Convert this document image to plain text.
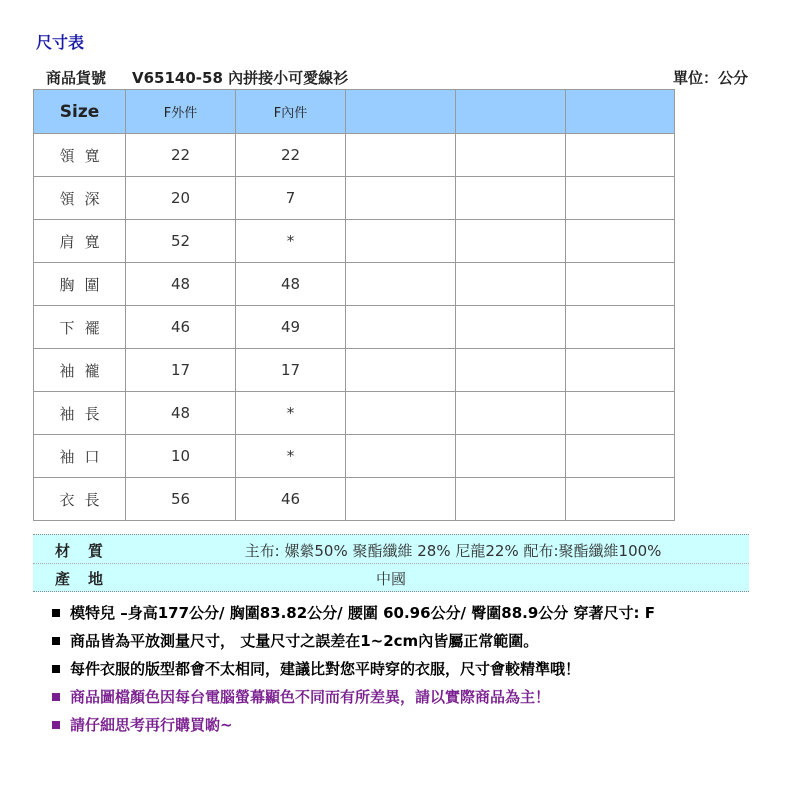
尺寸表
商品貨號 V65140-58 內拼接小可愛線衫	單位：公分
Size	F外件	F內件			
領寬	22	22			
領深	20	7			
肩寬	52	*			
胸圍	48	48			
下襬	46	49			
袖襱	17	17			
袖長	48	*			
袖口	10	*			
衣長	56	46			
材質	主布: 嫘縈50% 聚酯纖維 28% 尼龍22% 配布:聚酯纖維100%
產地	中國
模特兒 –身高177公分/ 胸圍83.82公分/ 腰圍 60.96公分/ 臀圍88.9公分 穿著尺寸: F
商品皆為平放測量尺寸， 丈量尺寸之誤差在1~2cm內皆屬正常範圍。
每件衣服的版型都會不太相同，建議比對您平時穿的衣服，尺寸會較精準哦！
商品圖檔顏色因每台電腦螢幕顯色不同而有所差異，請以實際商品為主！
請仔細思考再行購買喲~
